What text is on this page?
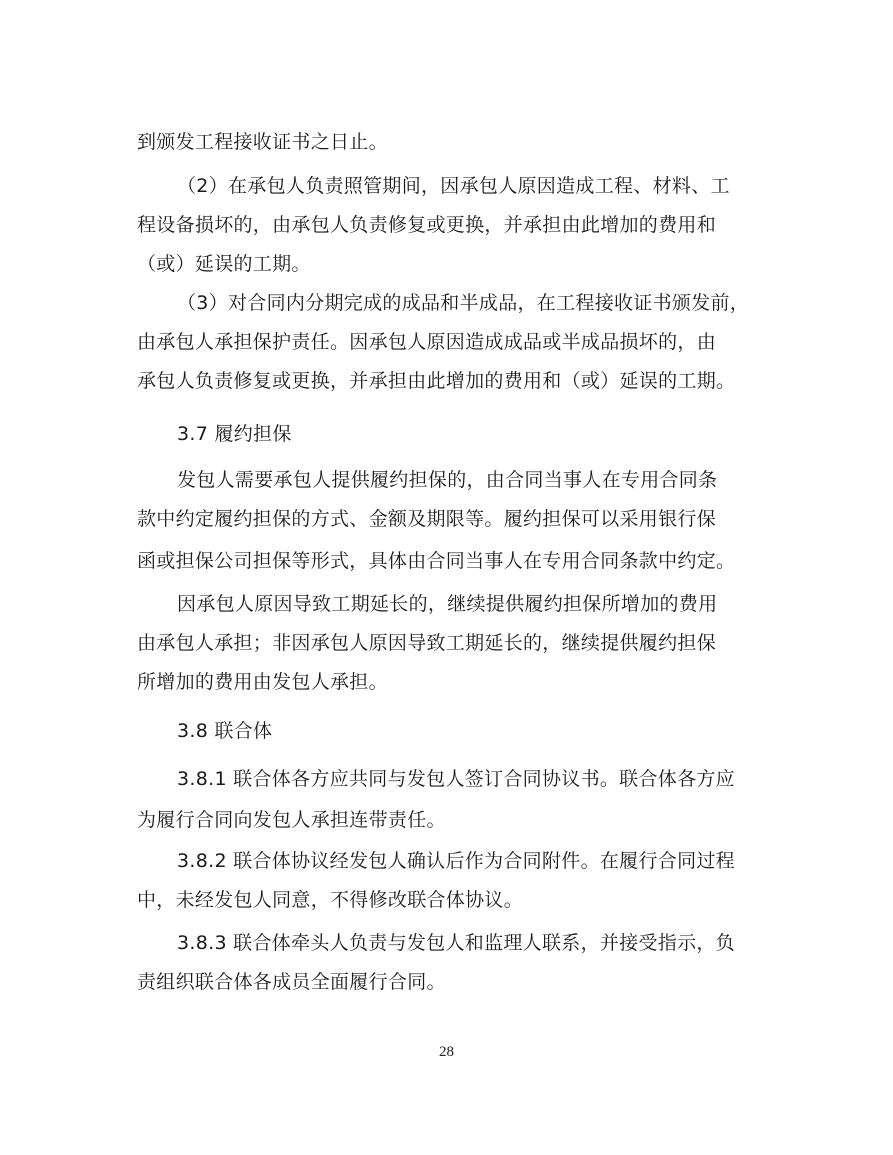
到颁发工程接收证书之日止。
（2）在承包人负责照管期间，因承包人原因造成工程、材料、工
程设备损坏的，由承包人负责修复或更换，并承担由此增加的费用和
（或）延误的工期。
（3）对合同内分期完成的成品和半成品，在工程接收证书颁发前，
由承包人承担保护责任。因承包人原因造成成品或半成品损坏的，由
承包人负责修复或更换，并承担由此增加的费用和（或）延误的工期。
3.7 履约担保
发包人需要承包人提供履约担保的，由合同当事人在专用合同条
款中约定履约担保的方式、金额及期限等。履约担保可以采用银行保
函或担保公司担保等形式，具体由合同当事人在专用合同条款中约定。
因承包人原因导致工期延长的，继续提供履约担保所增加的费用
由承包人承担；非因承包人原因导致工期延长的，继续提供履约担保
所增加的费用由发包人承担。
3.8 联合体
3.8.1 联合体各方应共同与发包人签订合同协议书。联合体各方应
为履行合同向发包人承担连带责任。
3.8.2 联合体协议经发包人确认后作为合同附件。在履行合同过程
中，未经发包人同意，不得修改联合体协议。
3.8.3 联合体牵头人负责与发包人和监理人联系，并接受指示，负
责组织联合体各成员全面履行合同。
28
